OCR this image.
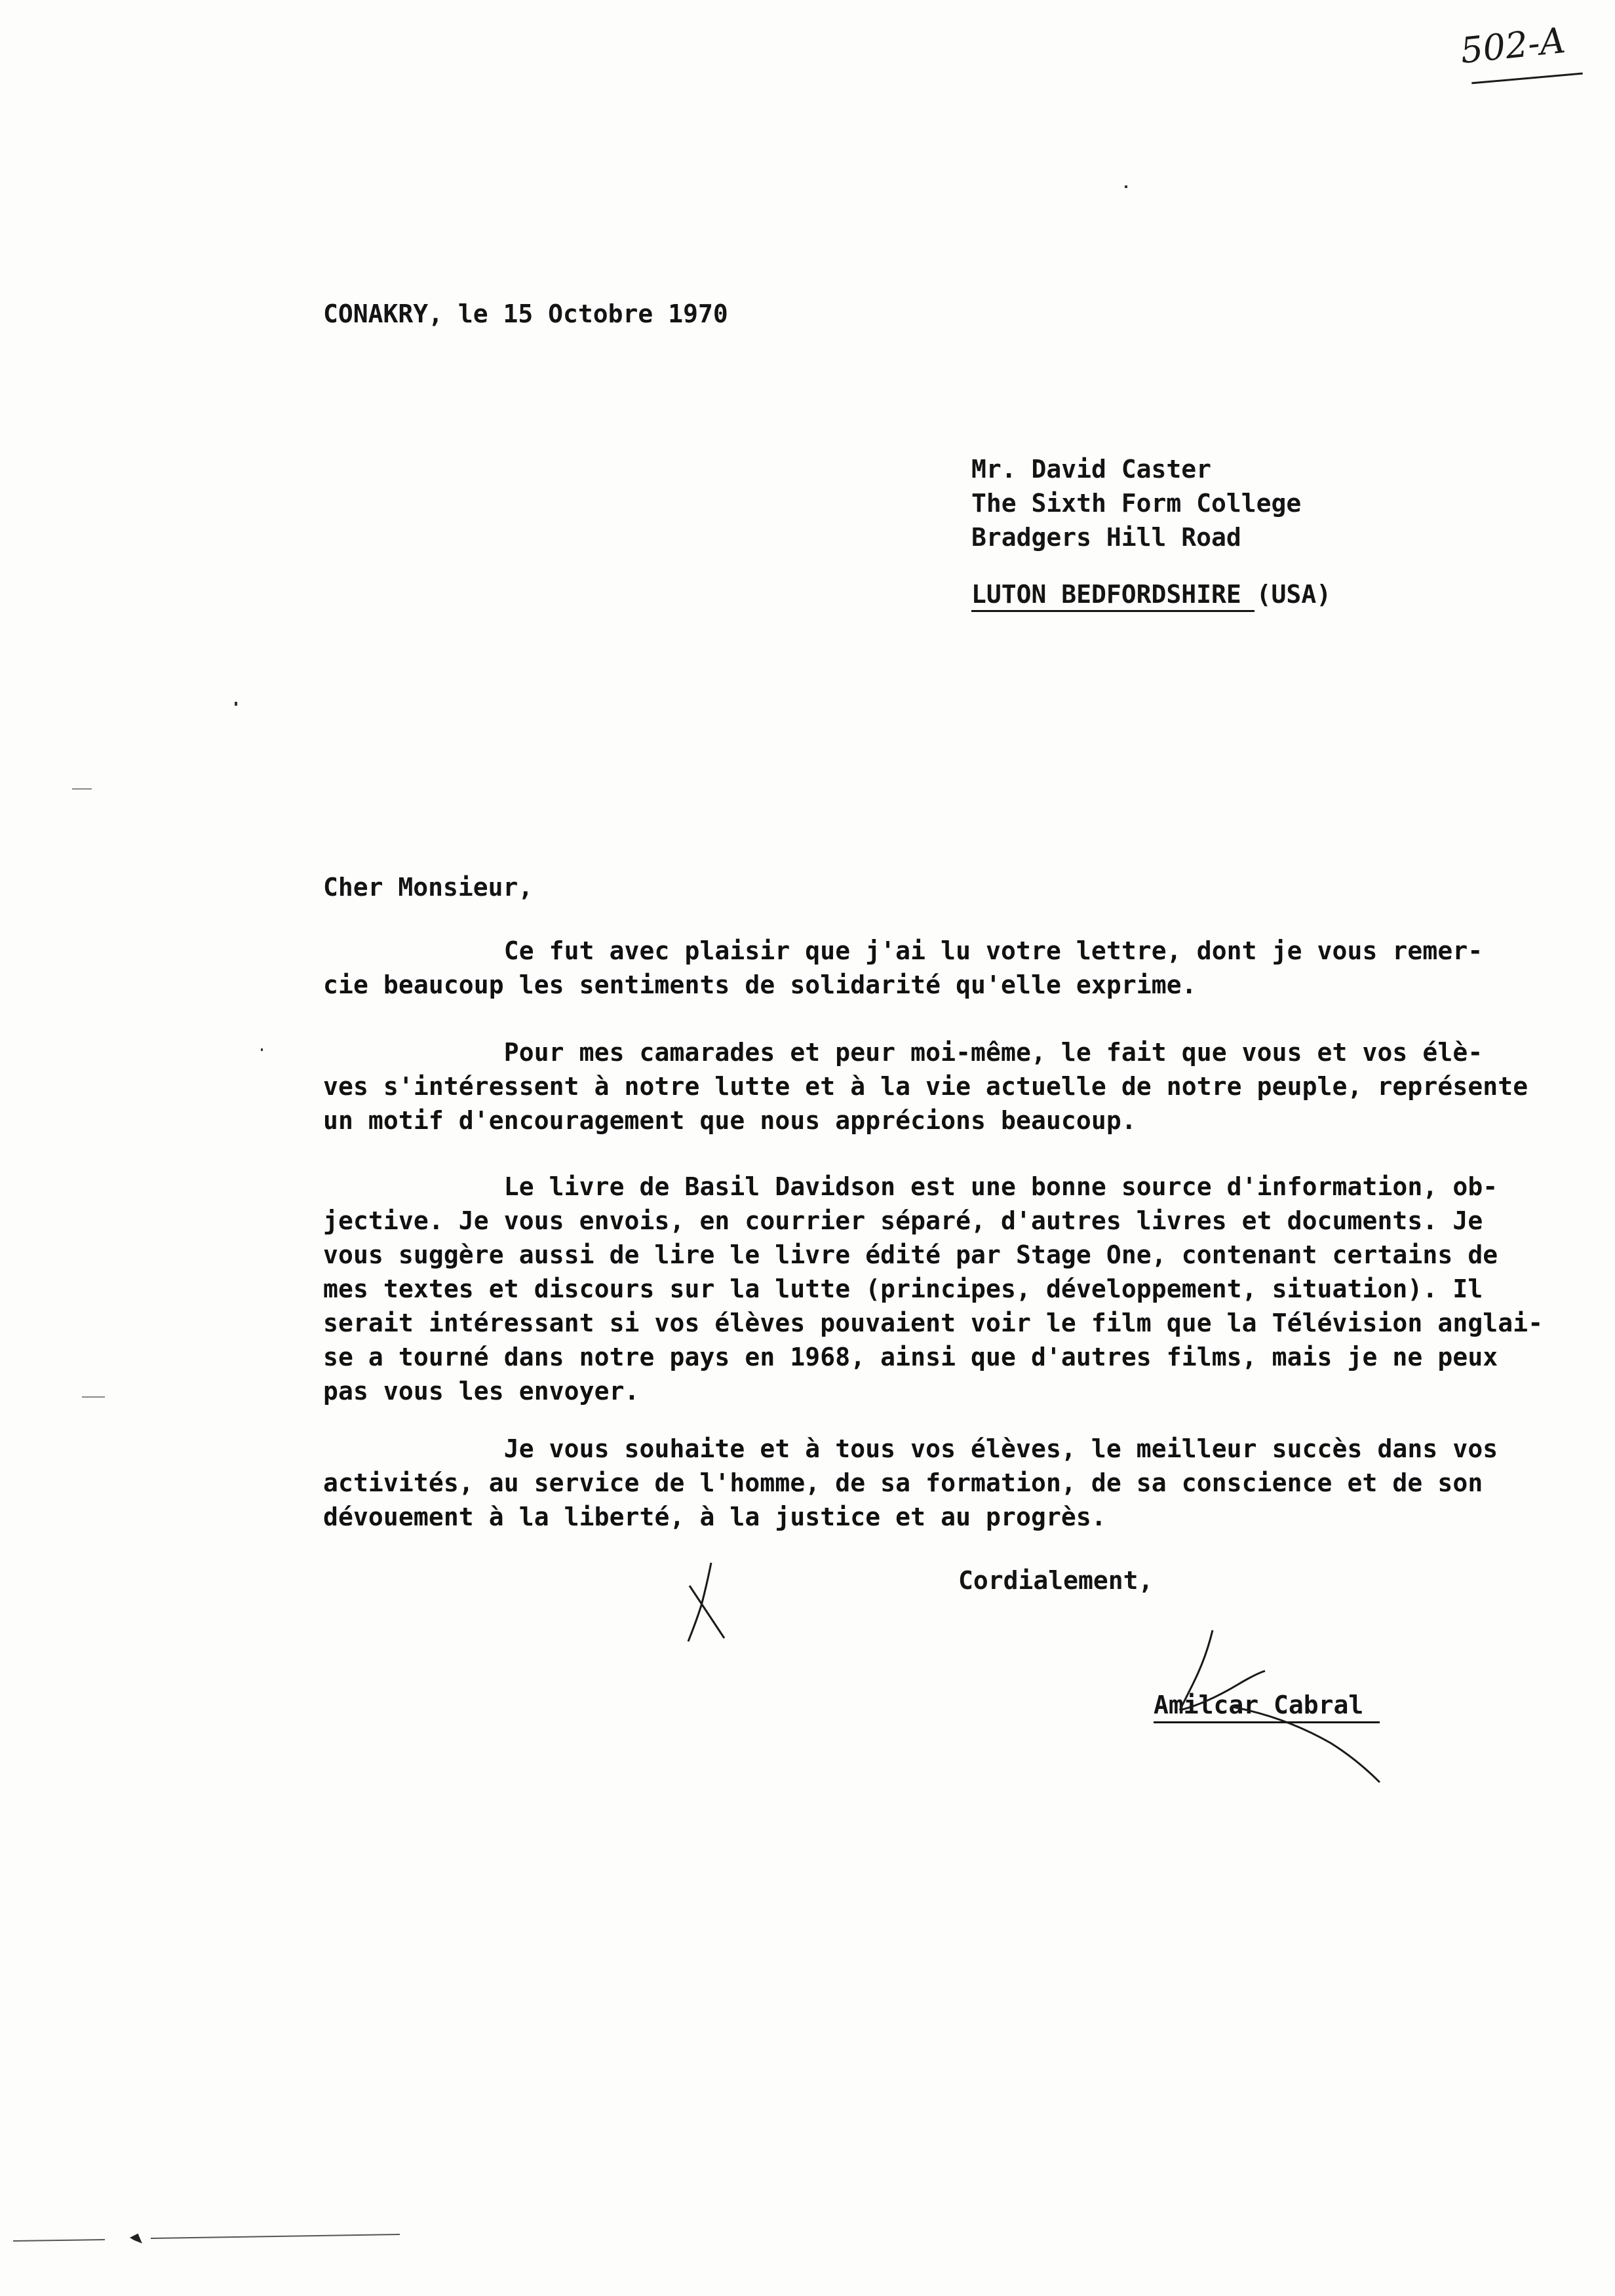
502-A

CONAKRY, le 15 Octobre 1970

Mr. David Caster
The Sixth Form College
Bradgers Hill Road

LUTON BEDFORDSHIRE (USA)

Cher Monsieur,

Ce fut avec plaisir que j'ai lu votre lettre, dont je vous remer-
cie beaucoup les sentiments de solidarité qu'elle exprime.
Pour mes camarades et peur moi-même, le fait que vous et vos élè-
ves s'intéressent à notre lutte et à la vie actuelle de notre peuple, représente
un motif d'encouragement que nous apprécions beaucoup.
Le livre de Basil Davidson est une bonne source d'information, ob-
jective. Je vous envois, en courrier séparé, d'autres livres et documents. Je
vous suggère aussi de lire le livre édité par Stage One, contenant certains de
mes textes et discours sur la lutte (principes, développement, situation). Il
serait intéressant si vos élèves pouvaient voir le film que la Télévision anglai-
se a tourné dans notre pays en 1968, ainsi que d'autres films, mais je ne peux
pas vous les envoyer.
Je vous souhaite et à tous vos élèves, le meilleur succès dans vos
activités, au service de l'homme, de sa formation, de sa conscience et de son
dévouement à la liberté, à la justice et au progrès.

Cordialement,

Amilcar Cabral
